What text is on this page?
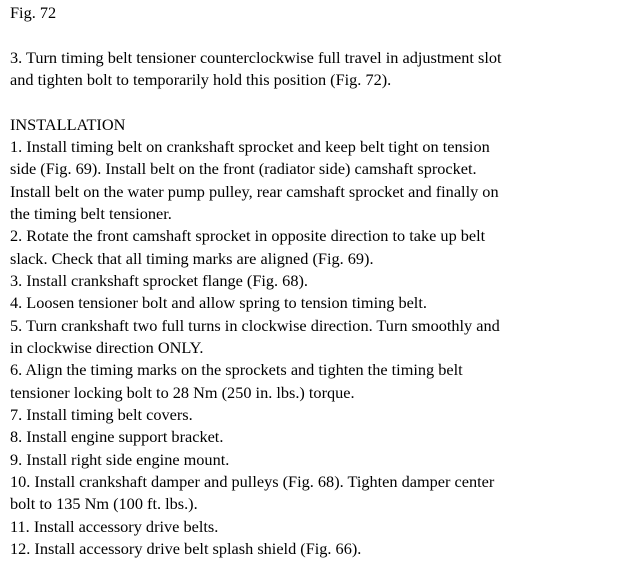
Fig. 72
3. Turn timing belt tensioner counterclockwise full travel in adjustment slot
and tighten bolt to temporarily hold this position (Fig. 72).
INSTALLATION
1. Install timing belt on crankshaft sprocket and keep belt tight on tension
side (Fig. 69). Install belt on the front (radiator side) camshaft sprocket.
Install belt on the water pump pulley, rear camshaft sprocket and finally on
the timing belt tensioner.
2. Rotate the front camshaft sprocket in opposite direction to take up belt
slack. Check that all timing marks are aligned (Fig. 69).
3. Install crankshaft sprocket flange (Fig. 68).
4. Loosen tensioner bolt and allow spring to tension timing belt.
5. Turn crankshaft two full turns in clockwise direction. Turn smoothly and
in clockwise direction ONLY.
6. Align the timing marks on the sprockets and tighten the timing belt
tensioner locking bolt to 28 Nm (250 in. lbs.) torque.
7. Install timing belt covers.
8. Install engine support bracket.
9. Install right side engine mount.
10. Install crankshaft damper and pulleys (Fig. 68). Tighten damper center
bolt to 135 Nm (100 ft. lbs.).
11. Install accessory drive belts.
12. Install accessory drive belt splash shield (Fig. 66).
